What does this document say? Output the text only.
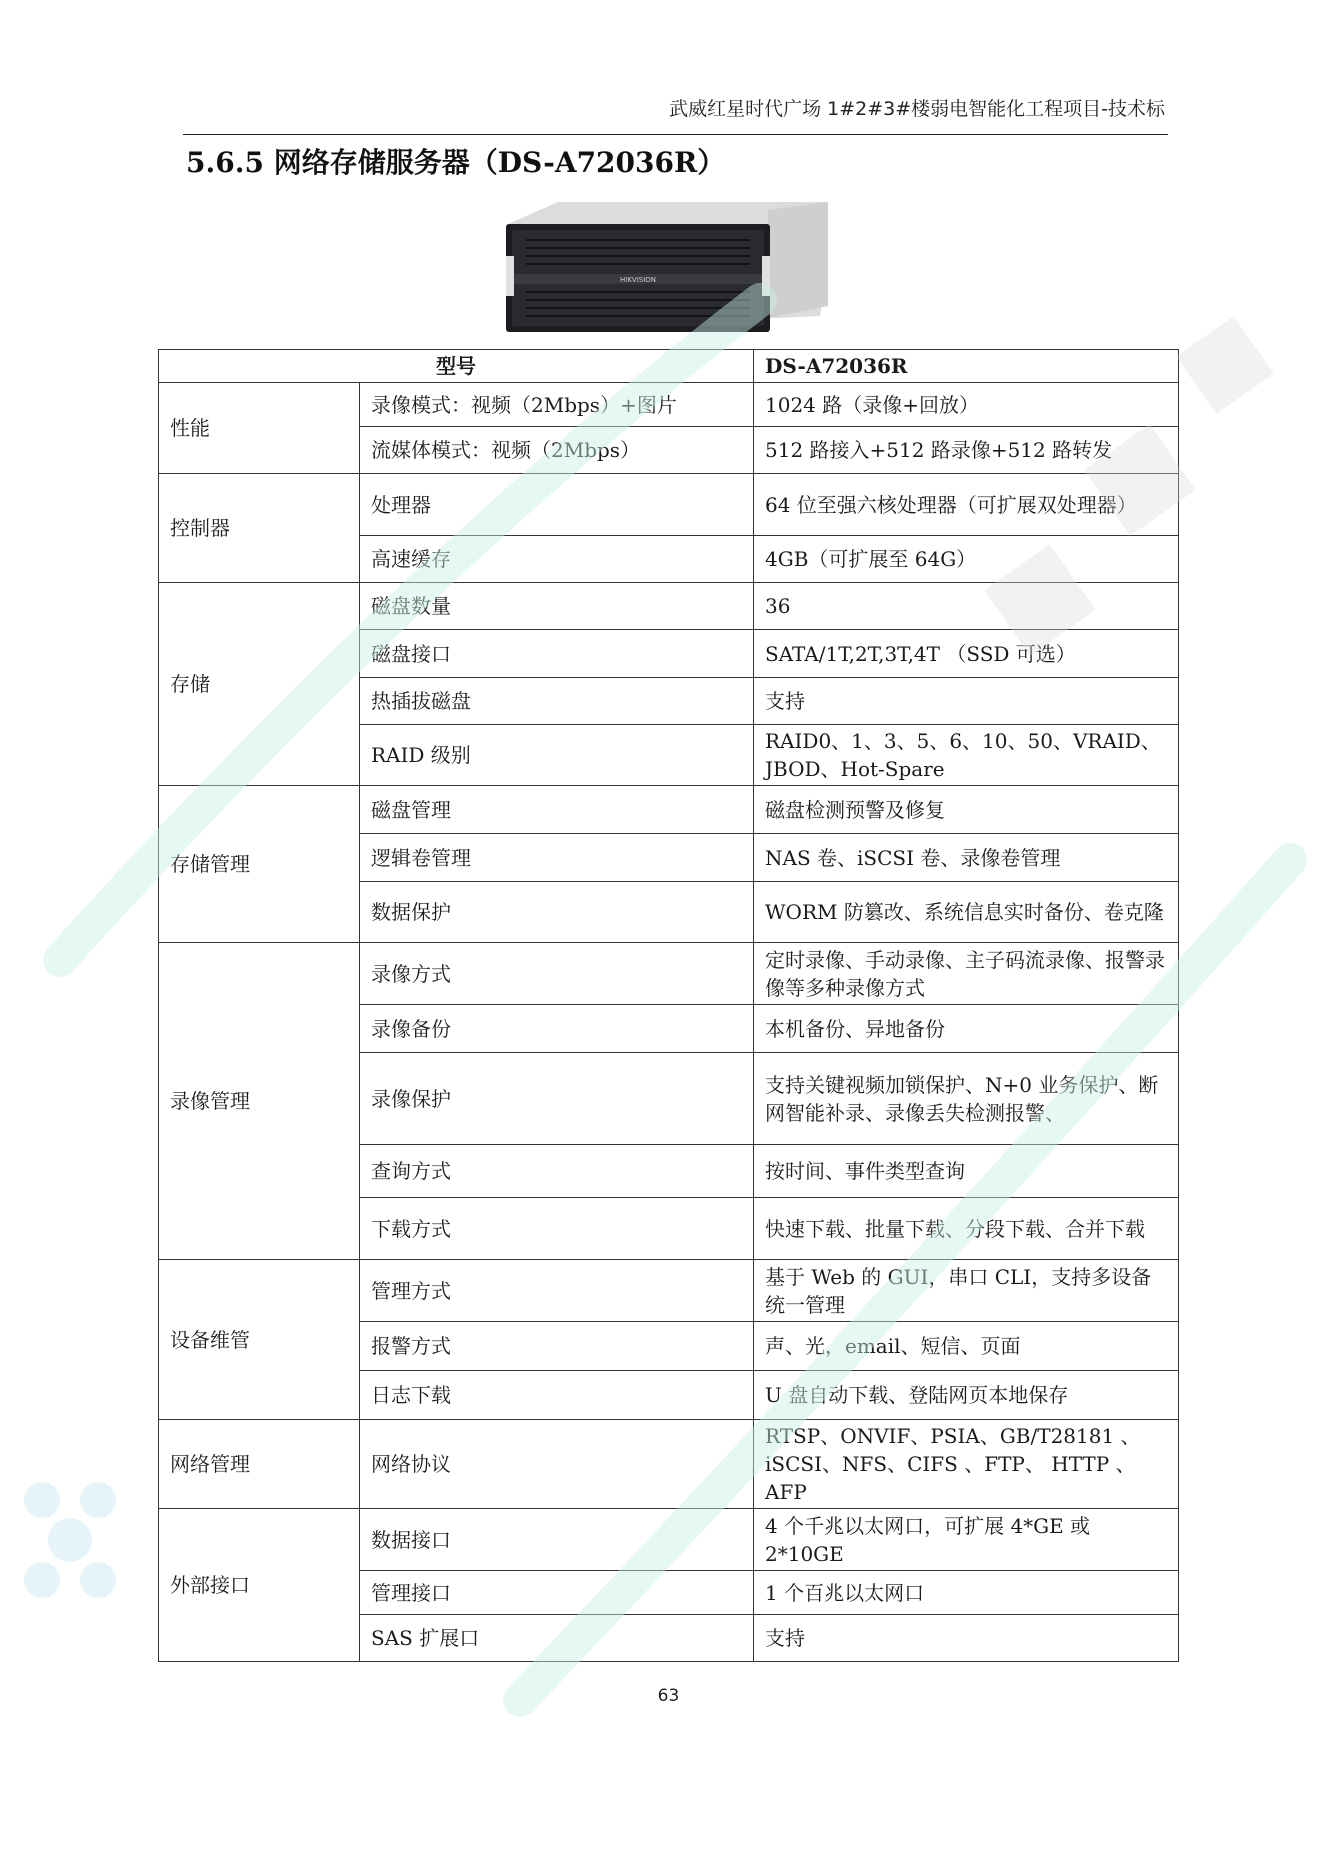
武威红星时代广场 1#2#3#楼弱电智能化工程项目-技术标
5.6.5 网络存储服务器（DS-A72036R）
HIKVISION
型号		DS-A72036R
性能	录像模式：视频（2Mbps）+图片	1024 路（录像+回放）
	流媒体模式：视频（2Mbps）	512 路接入+512 路录像+512 路转发
控制器	处理器	64 位至强六核处理器（可扩展双处理器）
	高速缓存	4GB（可扩展至 64G）
存储	磁盘数量	36
	磁盘接口	SATA/1T,2T,3T,4T （SSD 可选）
	热插拔磁盘	支持
	RAID 级别	RAID0、1、3、5、6、10、50、VRAID、JBOD、Hot-Spare
存储管理	磁盘管理	磁盘检测预警及修复
	逻辑卷管理	NAS 卷、iSCSI 卷、录像卷管理
	数据保护	WORM 防篡改、系统信息实时备份、卷克隆
录像管理	录像方式	定时录像、手动录像、主子码流录像、报警录像等多种录像方式
	录像备份	本机备份、异地备份
	录像保护	支持关键视频加锁保护、N+0 业务保护、断网智能补录、录像丢失检测报警、
	查询方式	按时间、事件类型查询
	下载方式	快速下载、批量下载、分段下载、合并下载
设备维管	管理方式	基于 Web 的 GUI，串口 CLI，支持多设备统一管理
	报警方式	声、光，email、短信、页面
	日志下载	U 盘自动下载、登陆网页本地保存
网络管理	网络协议	RTSP、ONVIF、PSIA、GB/T28181 、iSCSI、NFS、CIFS 、FTP、 HTTP 、AFP
外部接口	数据接口	4 个千兆以太网口，可扩展 4*GE 或 2*10GE
	管理接口	1 个百兆以太网口
	SAS 扩展口	支持
63
